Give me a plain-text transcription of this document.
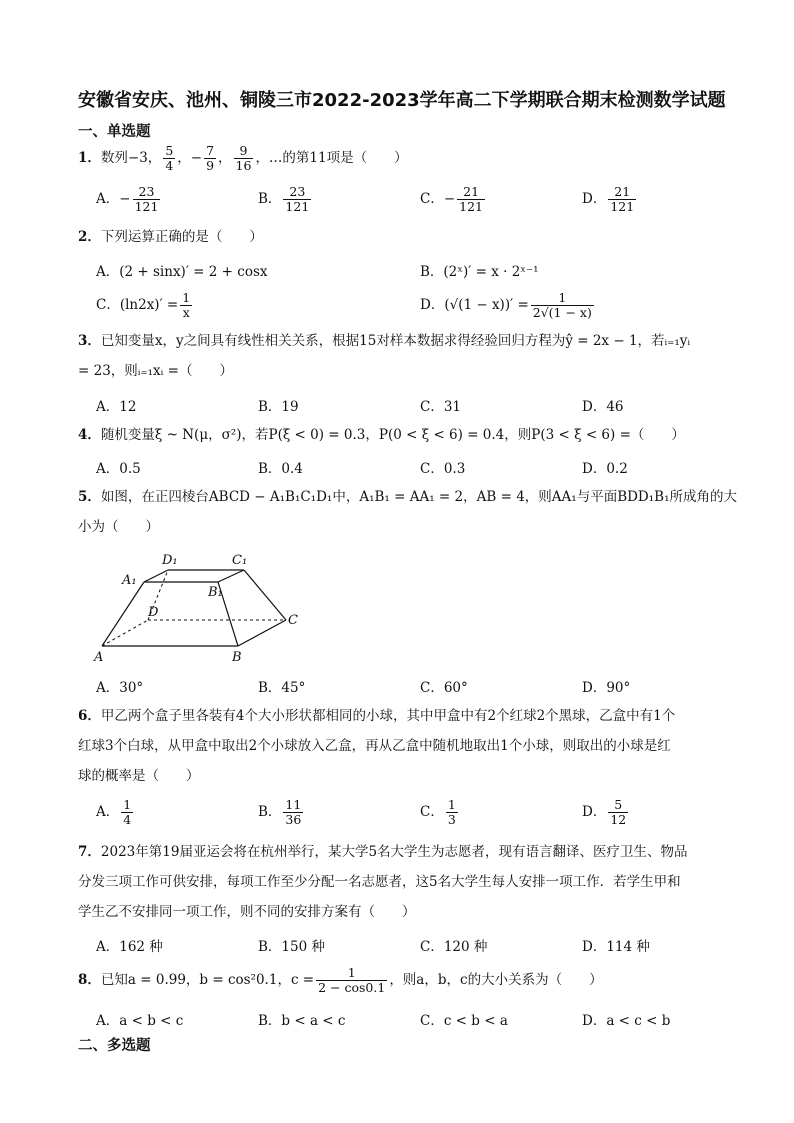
安徽省安庆、池州、铜陵三市2022-2023学年高二下学期联合期末检测数学试题
一、单选题
1．数列−3， $\frac{5}{4}$ ，− $\frac{7}{9}$ ， $\frac{9}{16}$ ，…的第11项是（　　）
A．− $\frac{23}{121}$	B． $\frac{23}{121}$	C．− $\frac{21}{121}$	D． $\frac{21}{121}$
2．下列运算正确的是（　　）
A．(2 + sinx)′ = 2 + cosx	B．(2ˣ)′ = x · 2ˣ⁻¹
C．$(\ln 2x)' = \frac{1}{x}$	D．$(√(1 - x))' = \frac{1}{2√(1 - x)}$
3．已知变量x，y之间具有线性相关关系，根据15对样本数据求得经验回归方程为ŷ = 2x − 1，若ᵢ₌₁yᵢ
= 23，则ᵢ₌₁xᵢ =（　　）
A．12	B．19	C．31	D．46
4．随机变量ξ ~ N(μ，σ²)，若P(ξ < 0) = 0.3，P(0 < ξ < 6) = 0.4，则P(3 < ξ < 6) =（　　）
A．0.5	B．0.4	C．0.3	D．0.2
5．如图，在正四棱台ABCD − A₁B₁C₁D₁中，A₁B₁ = AA₁ = 2，AB = 4，则AA₁与平面BDD₁B₁所成角的大
小为（　　）
A	B
C
D
A₁
B₁
C₁
D₁
A．30°	B．45°	C．60°	D．90°
6．甲乙两个盒子里各装有4个大小形状都相同的小球，其中甲盒中有2个红球2个黑球，乙盒中有1个
红球3个白球，从甲盒中取出2个小球放入乙盒，再从乙盒中随机地取出1个小球，则取出的小球是红
球的概率是（　　）
A． $\frac{1}{4}$	B． $\frac{11}{36}$	C． $\frac{1}{3}$	D． $\frac{5}{12}$
7．2023年第19届亚运会将在杭州举行，某大学5名大学生为志愿者，现有语言翻译、医疗卫生、物品
分发三项工作可供安排，每项工作至少分配一名志愿者，这5名大学生每人安排一项工作．若学生甲和
学生乙不安排同一项工作，则不同的安排方案有（　　）
A．162 种	B．150 种	C．120 种	D．114 种
8．已知a = 0.99，b = cos²0.1，$c = \frac{1}{2 - \cos 0.1}$ ，则a，b，c的大小关系为（　　）
A．a < b < c	B．b < a < c	C．c < b < a	D．a < c < b
二、多选题
